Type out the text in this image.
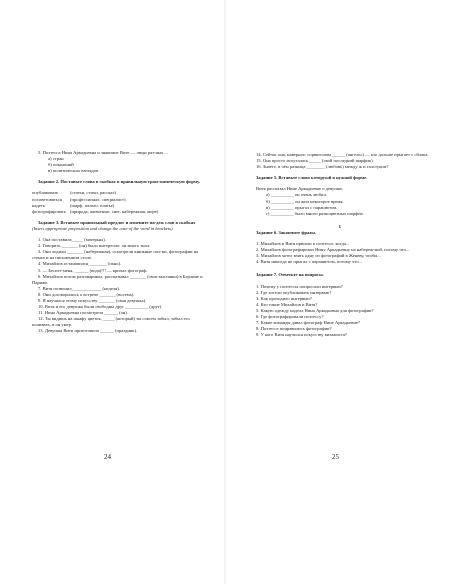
5. Поэтесса Нина Аркадьевна и знакомит Вите — люди раз-ных ...

а) стран

б) поколений

в) политических взглядов

Задание 2. Поставьте слова в скобках в правильную грам-матическую форму.

опубликовать	(статьи, стихи, рассказ)
посоветоваться	(профессионал, специалист)
надеть	(шарф, пальто, платье)
фотографировать (природа, животные, снег, набережная, море)

Задание 3. Вставьте правильный предлог и измените па-деж слов в скобках (Insert appropriate preposition and change the case of the word in brackets).

1. Она поставила_____ (матерьял).

2. Говорить _______ (он) было интересно: он много знал.

3. Они ходили _______ (набережная), осмотрели книжные пол-ки, фотографии на стенах и на письменном столе.

4. Михайлов остановился________ (окно).

5. — Бесите меня, ______ (вода)!!! — кричал фотограф.

6. Михайлов потом разговаривал, рассказывал _______ (свои выставки) в Берлине и Париже.

7. Витя позвонил_____________ (неделя).

8. Они договорились о встрече _______ (восемь).

9. Я научился этому искусству _______ (своя девушка).

10. Витя и его девушка были свободны друг __________ (друг).

11. Нина Аркадьевна посмотрела ______ (он).

12. Ты видишь на шкафу цветок, _____ (который) ты совсем забыл, забыл его поливать, и он умер.

13. Девушка Вити приготовила ______ (праздник).

24

14. Сейчас она, наверное, сорвиголова______ (ангельс) — кто дольше прыгает с облака.

15. Она просто испугалась _____ (свой последний шарфик).

16. Знаете, в чём разница ________ (любовь) между ж и галстуком?

Задание 5. Вставьте слово которуый в нужной форме.

Витя рассказал Нине Аркадьевне о девушке,

а) __________ он очень любил.

б) __________ он жил некоторое время.

в) __________ прыгал с парашютом.

г) __________ было много разноцветных шарфов.

Б

Задание 6. Закончите фразы.

1. Михайлов и Витя пришли к поэтессе, когда...

2. Михайлов фотографировал Нину Аркадьевну на набереж-ной, потому что...

3. Михайлов хотел взять одну из фотографий в Женеву, чтобы...

4. Витя никогда не прыгал с парашютом, потому что...

Задание 7. Ответьте на вопросы.

1. Почему у поэтессы попросили интервью?

2. Где хотели опубликовать интервью?

3. Как проходило интервью?

4. Кто такие Михайлов и Витя?

5. Какую одежду надела Нина Аркадьевна для фотографии?

6. Где фотографировали поэтессу?

7. Какие команды давал фотограф Нине Аркадьевне?

8. Поэтессе понравились фотографии?

9. У кого Витя научился искусству визажиста?

25
